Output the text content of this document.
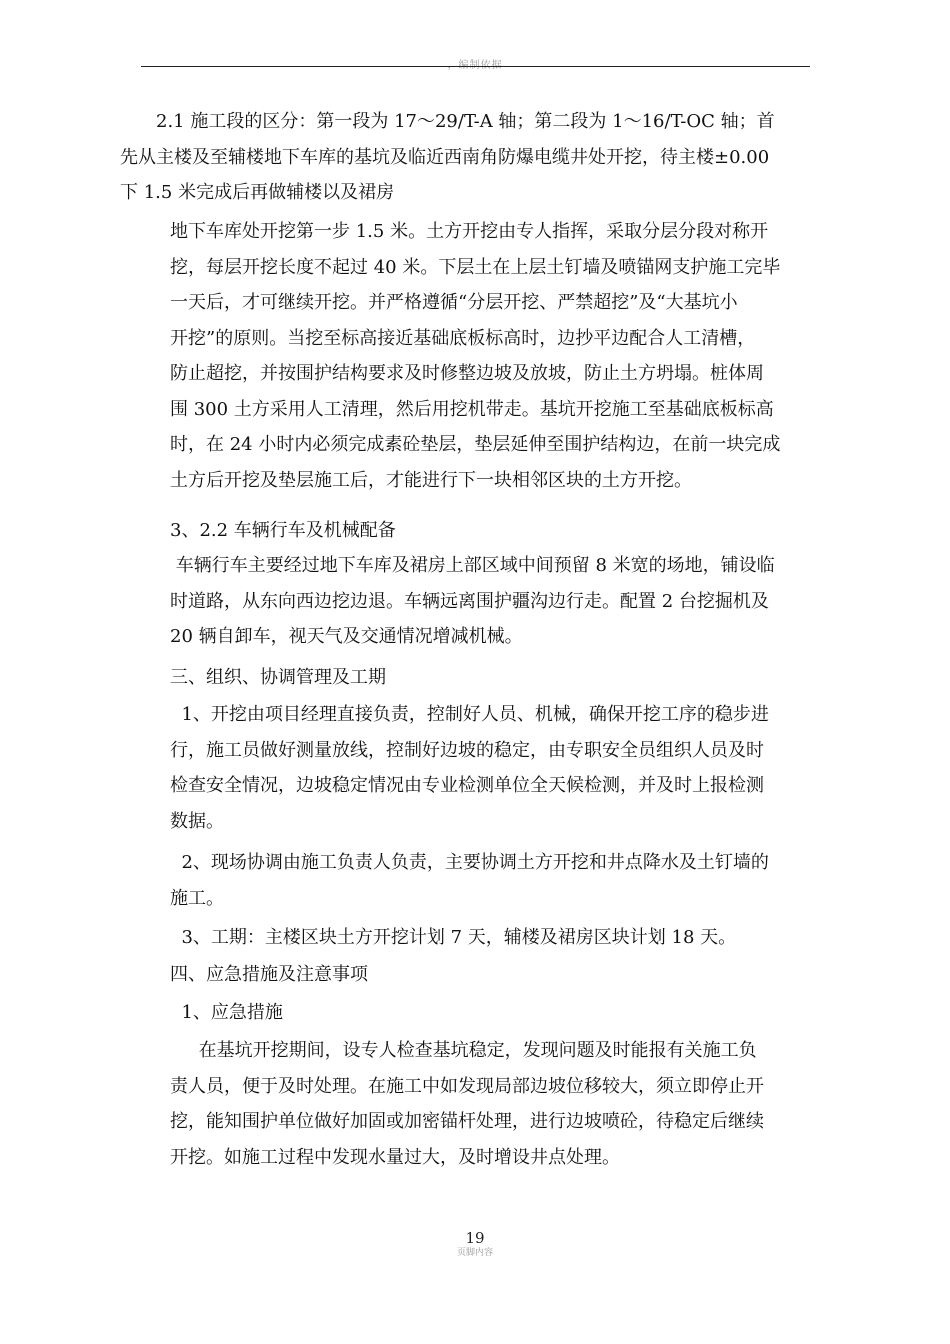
，编制依据
2.1 施工段的区分：第一段为 17～29/T-A 轴；第二段为 1～16/T-OC 轴；首
先从主楼及至辅楼地下车库的基坑及临近西南角防爆电缆井处开挖，待主楼±0.00
下 1.5 米完成后再做辅楼以及裙房
地下车库处开挖第一步 1.5 米。土方开挖由专人指挥，采取分层分段对称开
挖，每层开挖长度不起过 40 米。下层土在上层土钉墙及喷锚网支护施工完毕
一天后，才可继续开挖。并严格遵循“分层开挖、严禁超挖”及“大基坑小
开挖”的原则。当挖至标高接近基础底板标高时，边抄平边配合人工清槽，
防止超挖，并按围护结构要求及时修整边坡及放坡，防止土方坍塌。桩体周
围 300 土方采用人工清理，然后用挖机带走。基坑开挖施工至基础底板标高
时，在 24 小时内必须完成素砼垫层，垫层延伸至围护结构边，在前一块完成
土方后开挖及垫层施工后，才能进行下一块相邻区块的土方开挖。
3、2.2 车辆行车及机械配备
车辆行车主要经过地下车库及裙房上部区域中间预留 8 米宽的场地，铺设临
时道路，从东向西边挖边退。车辆远离围护疆沟边行走。配置 2 台挖掘机及
20 辆自卸车，视天气及交通情况增减机械。
三、组织、协调管理及工期
1、开挖由项目经理直接负责，控制好人员、机械，确保开挖工序的稳步进
行，施工员做好测量放线，控制好边坡的稳定，由专职安全员组织人员及时
检查安全情况，边坡稳定情况由专业检测单位全天候检测，并及时上报检测
数据。
2、现场协调由施工负责人负责，主要协调土方开挖和井点降水及土钉墙的
施工。
3、工期：主楼区块土方开挖计划 7 天，辅楼及裙房区块计划 18 天。
四、应急措施及注意事项
1、应急措施
在基坑开挖期间，设专人检查基坑稳定，发现问题及时能报有关施工负
责人员，便于及时处理。在施工中如发现局部边坡位移较大，须立即停止开
挖，能知围护单位做好加固或加密锚杆处理，进行边坡喷砼，待稳定后继续
开挖。如施工过程中发现水量过大，及时增设井点处理。
19
页脚内容
